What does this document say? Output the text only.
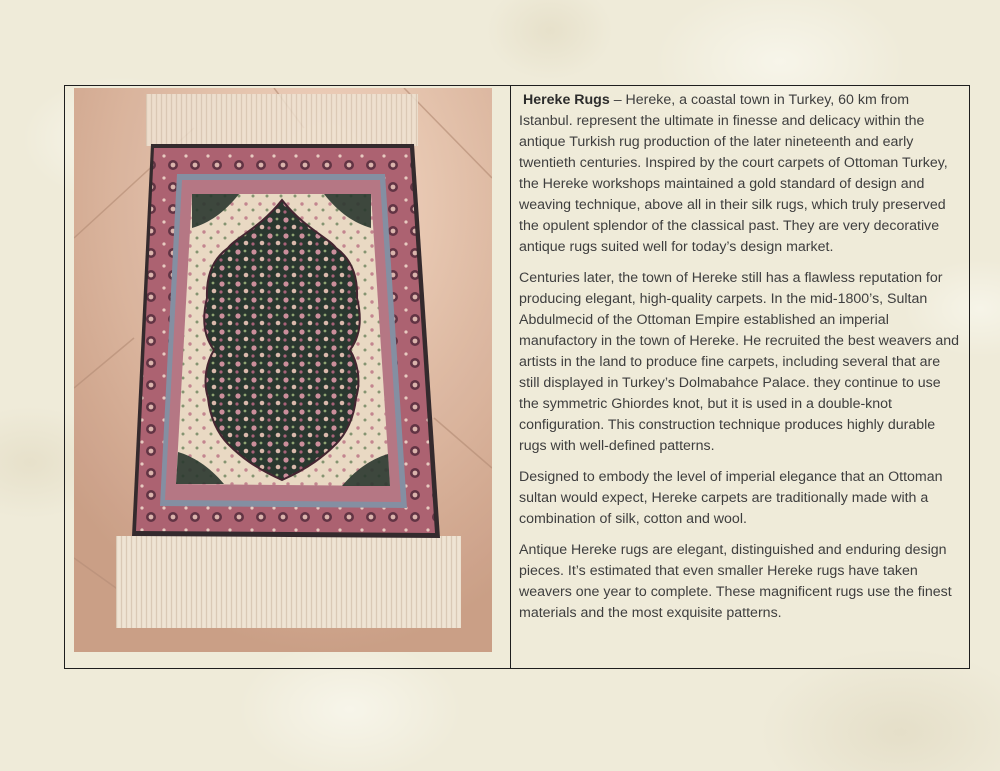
Hereke Rugs – Hereke, a coastal town in Turkey, 60 km from Istanbul. represent the ultimate in finesse and delicacy within the antique Turkish rug production of the later nineteenth and early twentieth centuries. Inspired by the court carpets of Ottoman Turkey, the Hereke workshops maintained a gold standard of design and weaving technique, above all in their silk rugs, which truly preserved the opulent splendor of the classical past. They are very decorative antique rugs suited well for today’s design market.

Centuries later, the town of Hereke still has a flawless reputation for producing elegant, high-quality carpets. In the mid-1800’s, Sultan Abdulmecid of the Ottoman Empire established an imperial manufactory in the town of Hereke. He recruited the best weavers and artists in the land to produce fine carpets, including several that are still displayed in Turkey’s Dolmabahce Palace. they continue to use the symmetric Ghiordes knot, but it is used in a double-knot configuration. This construction technique produces highly durable rugs with well-defined patterns.

Designed to embody the level of imperial elegance that an Ottoman sultan would expect, Hereke carpets are traditionally made with a combination of silk, cotton and wool.

Antique Hereke rugs are elegant, distinguished and enduring design pieces. It’s estimated that even smaller Hereke rugs have taken weavers one year to complete. These magnificent rugs use the finest materials and the most exquisite patterns.
